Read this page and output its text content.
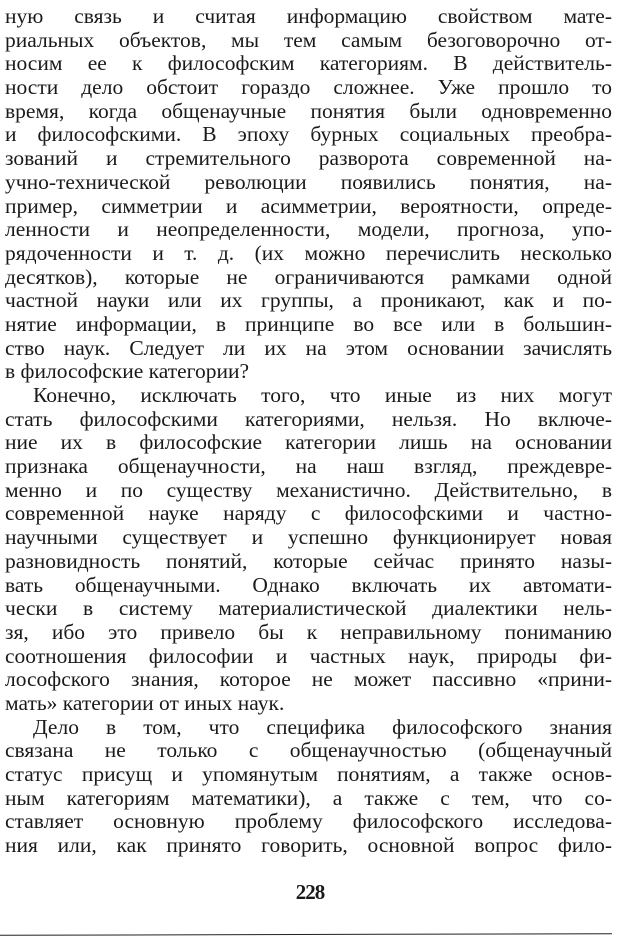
ную связь и считая информацию свойством мате-
риальных объектов, мы тем самым безоговорочно от-
носим ее к философским категориям. В действитель-
ности дело обстоит гораздо сложнее. Уже прошло то
время, когда общенаучные понятия были одновременно
и философскими. В эпоху бурных социальных преобра-
зований и стремительного разворота современной на-
учно-технической революции появились понятия, на-
пример, симметрии и асимметрии, вероятности, опреде-
ленности и неопределенности, модели, прогноза, упо-
рядоченности и т. д. (их можно перечислить несколько
десятков), которые не ограничиваются рамками одной
частной науки или их группы, а проникают, как и по-
нятие информации, в принципе во все или в большин-
ство наук. Следует ли их на этом основании зачислять
в философские категории?
Конечно, исключать того, что иные из них могут
стать философскими категориями, нельзя. Но включе-
ние их в философские категории лишь на основании
признака общенаучности, на наш взгляд, преждевре-
менно и по существу механистично. Действительно, в
современной науке наряду с философскими и частно-
научными существует и успешно функционирует новая
разновидность понятий, которые сейчас принято назы-
вать общенаучными. Однако включать их автомати-
чески в систему материалистической диалектики нель-
зя, ибо это привело бы к неправильному пониманию
соотношения философии и частных наук, природы фи-
лософского знания, которое не может пассивно «прини-
мать» категории от иных наук.
Дело в том, что специфика философского знания
связана не только с общенаучностью (общенаучный
статус присущ и упомянутым понятиям, а также основ-
ным категориям математики), а также с тем, что со-
ставляет основную проблему философского исследова-
ния или, как принято говорить, основной вопрос фило-
228
